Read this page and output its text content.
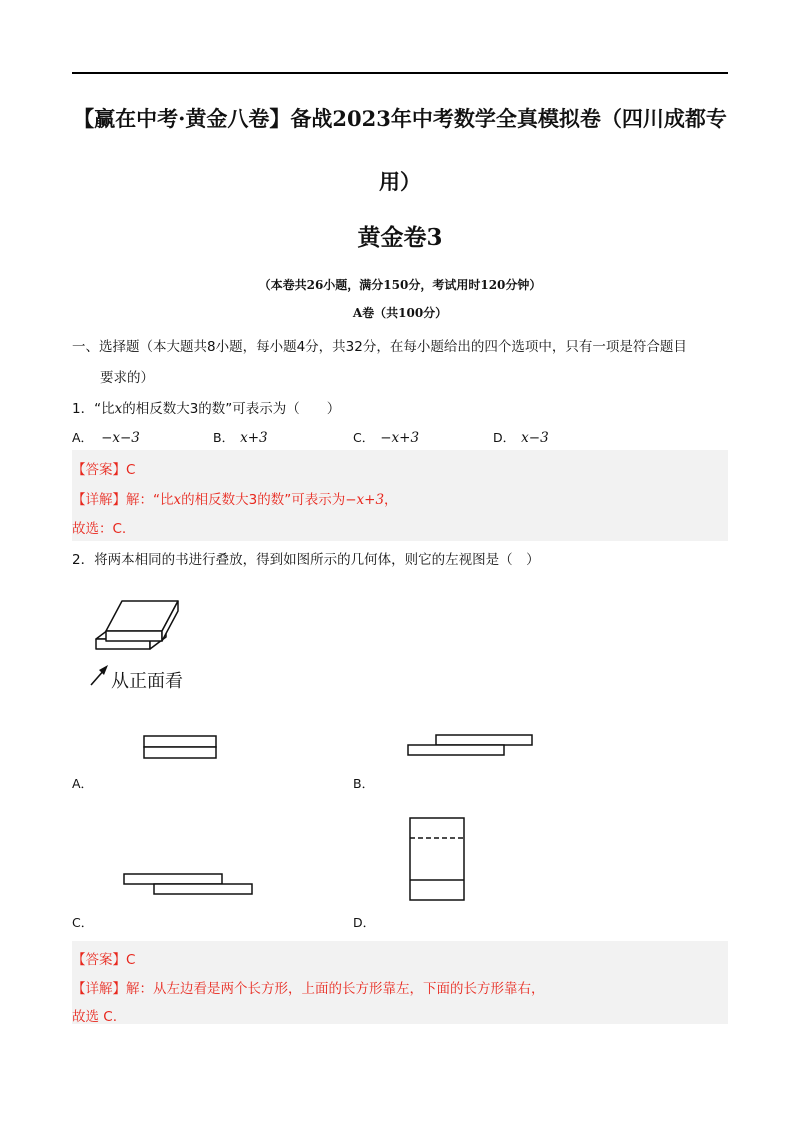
【赢在中考·黄金八卷】备战2023年中考数学全真模拟卷（四川成都专
用）
黄金卷3
（本卷共26小题，满分150分，考试用时120分钟）
A卷（共100分）
一、选择题（本大题共8小题，每小题4分，共32分，在每小题给出的四个选项中，只有一项是符合题目
要求的）
1．“比x的相反数大3的数”可表示为（　　）
A． −x−3	B． x+3	C． −x+3	D． x−3
【答案】C
【详解】解：“比x的相反数大3的数”可表示为−x+3，
故选：C.
2．将两本相同的书进行叠放，得到如图所示的几何体，则它的左视图是（　）
从正面看
A．	B．
C．	D．
【答案】C
【详解】解：从左边看是两个长方形，上面的长方形靠左，下面的长方形靠右，
故选 C.
